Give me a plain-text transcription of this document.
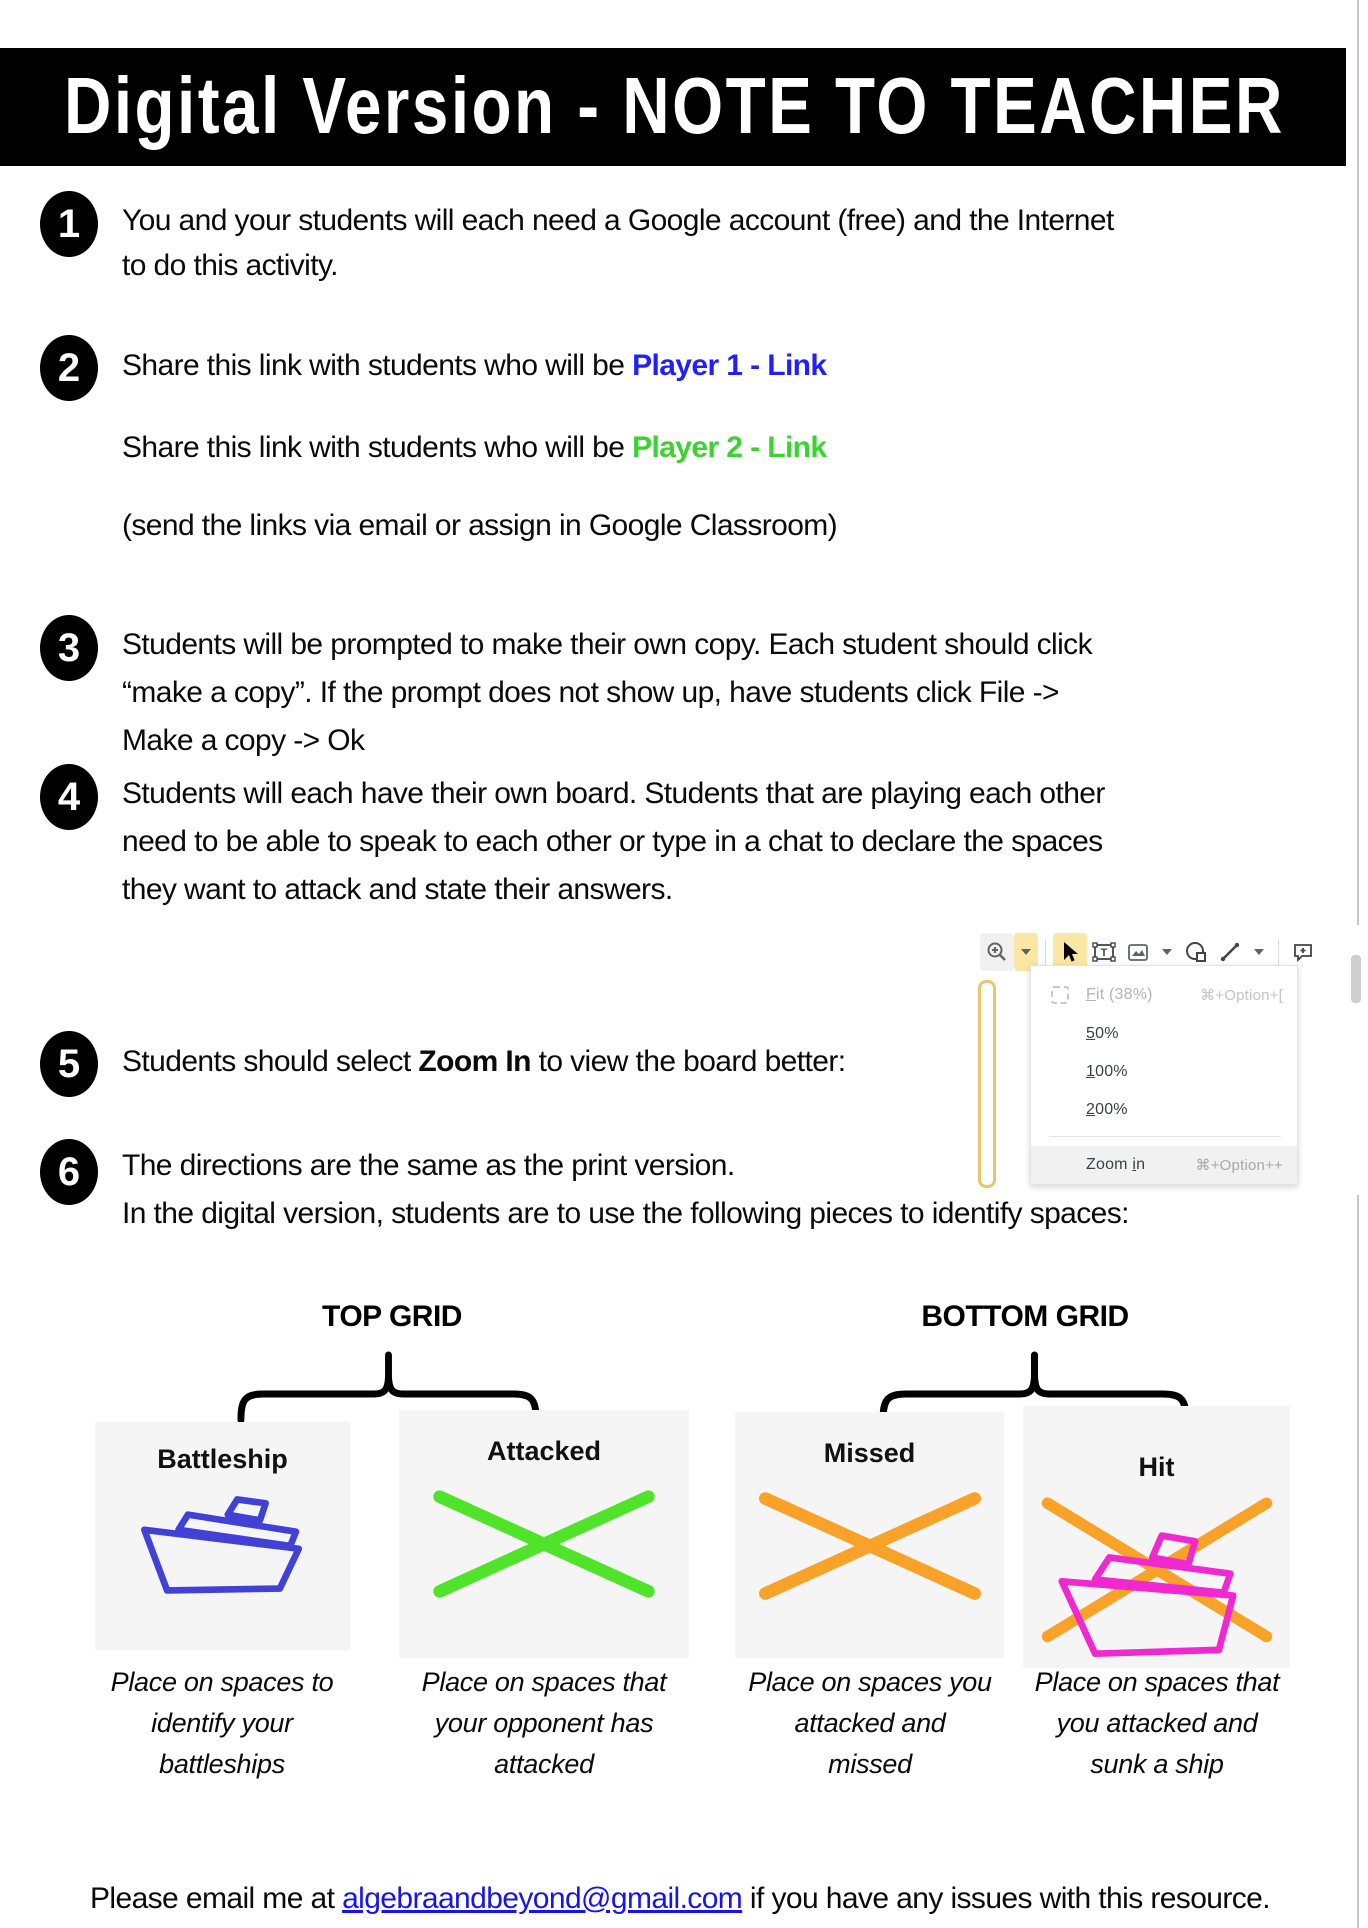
Digital Version - NOTE TO TEACHER
1
2
3
4
5
6
You and your students will each need a Google account (free) and the Internet
to do this activity.
Share this link with students who will be Player 1 - Link
Share this link with students who will be Player 2 - Link
(send the links via email or assign in Google Classroom)
Students will be prompted to make their own copy. Each student should click
“make a copy”. If the prompt does not show up, have students click File ->
Make a copy -> Ok
Students will each have their own board. Students that are playing each other
need to be able to speak to each other or type in a chat to declare the spaces
they want to attack and state their answers.
Students should select Zoom In to view the board better:
The directions are the same as the print version.
In the digital version, students are to use the following pieces to identify spaces:
T
Fit (38%)	⌘+Option+[
50%
100%
200%
Zoom in	⌘+Option++
TOP GRID	BOTTOM GRID
Battleship	Attacked	Missed	Hit
Place on spaces to
identify your
battleships
Place on spaces that
your opponent has
attacked
Place on spaces you
attacked and
missed
Place on spaces that
you attacked and
sunk a ship
Please email me at algebraandbeyond@gmail.com if you have any issues with this resource.
